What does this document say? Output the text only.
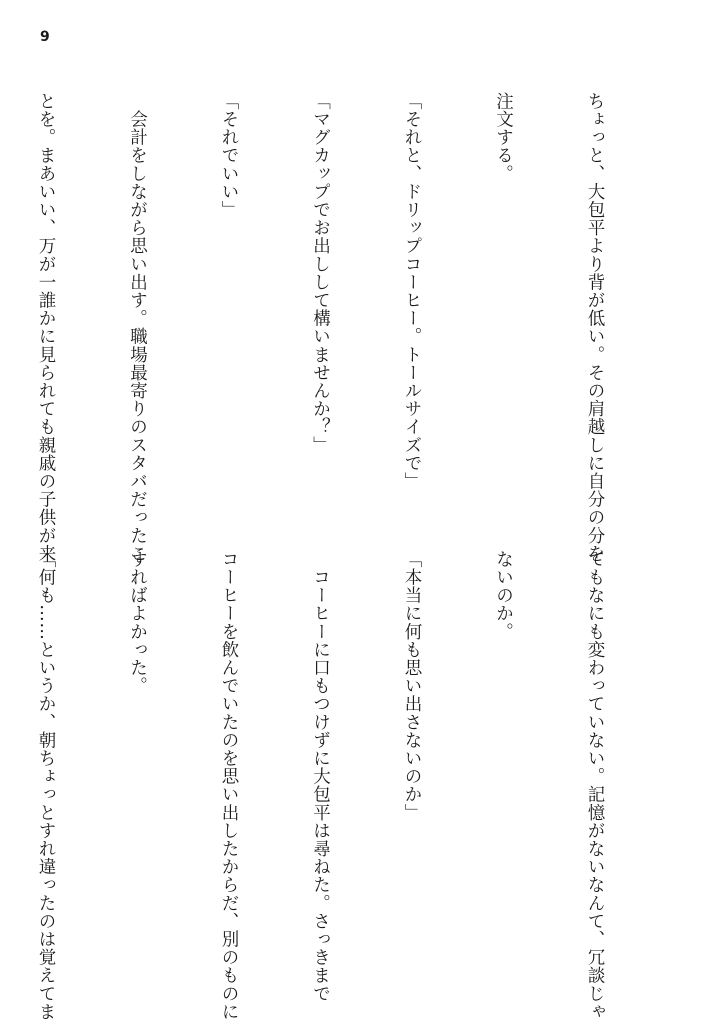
9

ちょっと、大包平より背が低い。その肩越しに自分の分を

注文する。

「それと、ドリップコーヒー。トールサイズで」

「マグカップでお出しして構いませんか？」

「それでいい」

　会計をしながら思い出す。職場最寄りのスタバだったこ

とを。まあいい、万が一誰かに見られても親戚の子供が来

てもなにも変わっていない。記憶がないなんて、冗談じゃ

ないのか。

「本当に何も思い出さないのか」

　コーヒーに口もつけずに大包平は尋ねた。さっきまで

コーヒーを飲んでいたのを思い出したからだ、別のものに

すればよかった。

「何も……というか、朝ちょっとすれ違ったのは覚えてま
